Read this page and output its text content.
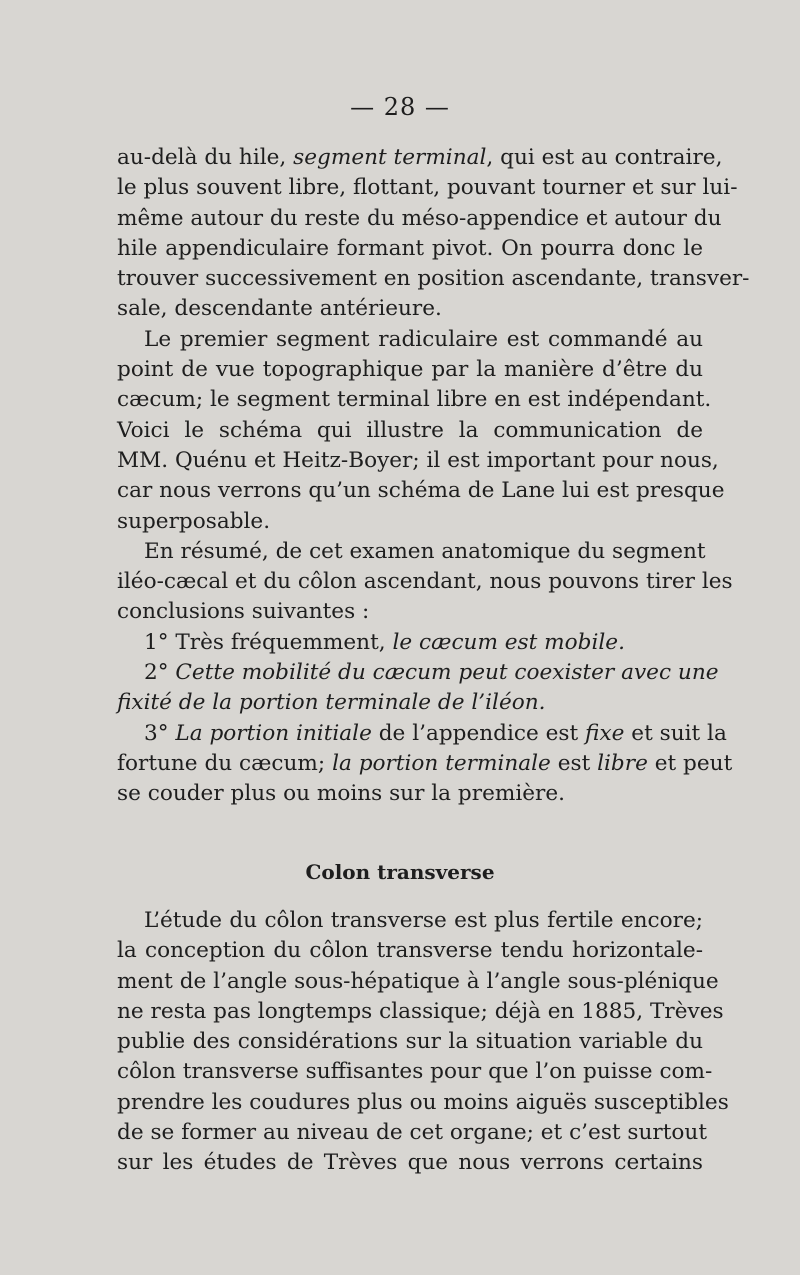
— 28 —
au-delà du hile, segment terminal, qui est au contraire,
le plus souvent libre, flottant, pouvant tourner et sur lui-
même autour du reste du méso-appendice et autour du
hile appendiculaire formant pivot. On pourra donc le
trouver successivement en position ascendante, transver-
sale, descendante antérieure.
Le premier segment radiculaire est commandé au
point de vue topographique par la manière d’être du
cæcum; le segment terminal libre en est indépendant.
Voici le schéma qui illustre la communication de
MM. Quénu et Heitz-Boyer; il est important pour nous,
car nous verrons qu’un schéma de Lane lui est presque
superposable.
En résumé, de cet examen anatomique du segment
iléo-cæcal et du côlon ascendant, nous pouvons tirer les
conclusions suivantes :
1° Très fréquemment, le cæcum est mobile.
2° Cette mobilité du cæcum peut coexister avec une
fixité de la portion terminale de l’iléon.
3° La portion initiale de l’appendice est fixe et suit la
fortune du cæcum; la portion terminale est libre et peut
se couder plus ou moins sur la première.
Colon transverse
L’étude du côlon transverse est plus fertile encore;
la conception du côlon transverse tendu horizontale-
ment de l’angle sous-hépatique à l’angle sous-plénique
ne resta pas longtemps classique; déjà en 1885, Trèves
publie des considérations sur la situation variable du
côlon transverse suffisantes pour que l’on puisse com-
prendre les coudures plus ou moins aiguës susceptibles
de se former au niveau de cet organe; et c’est surtout
sur les études de Trèves que nous verrons certains
